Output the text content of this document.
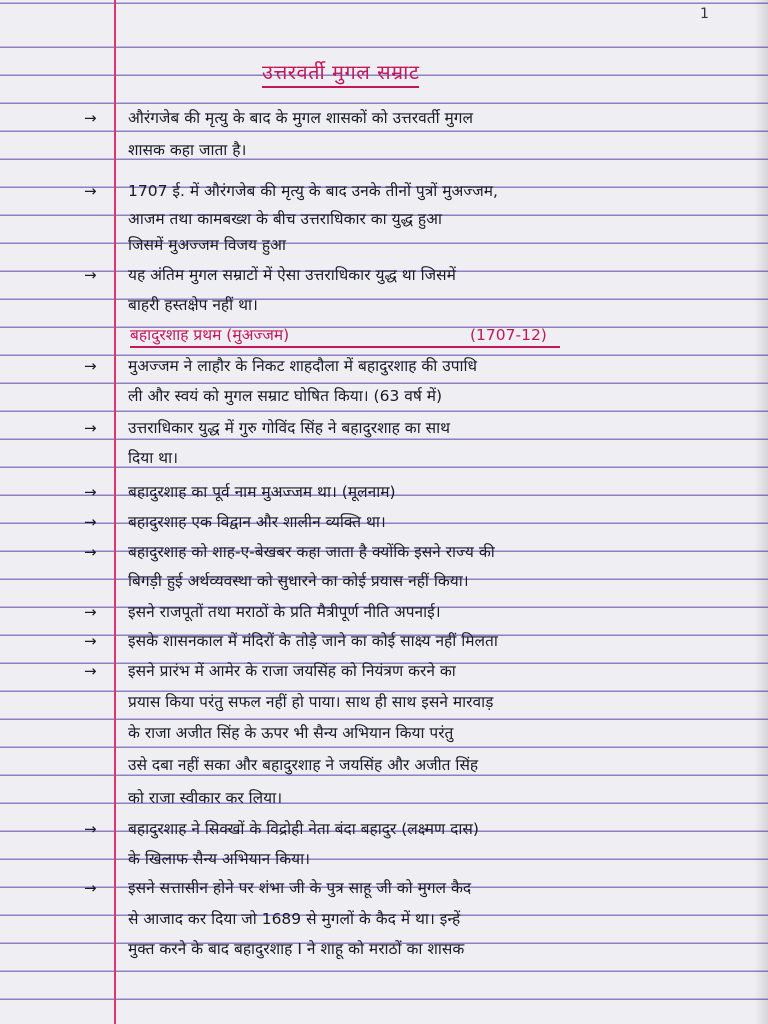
1
उत्तरवर्ती मुगल सम्राट
बहादुरशाह प्रथम (मुअज्जम)	(1707-12)
→
→
→
→
→
→
→
→
→
→
→
→
→
औरंगजेब की मृत्यु के बाद के मुगल शासकों को उत्तरवर्ती मुगल
शासक कहा जाता है।
1707 ई. में औरंगजेब की मृत्यु के बाद उनके तीनों पुत्रों मुअज्जम,
आजम तथा कामबख्श के बीच उत्तराधिकार का युद्ध हुआ
जिसमें मुअज्जम विजय हुआ
यह अंतिम मुगल सम्राटों में ऐसा उत्तराधिकार युद्ध था जिसमें
बाहरी हस्तक्षेप नहीं था।
मुअज्जम ने लाहौर के निकट शाहदौला में बहादुरशाह की उपाधि
ली और स्वयं को मुगल सम्राट घोषित किया। (63 वर्ष में)
उत्तराधिकार युद्ध में गुरु गोविंद सिंह ने बहादुरशाह का साथ
दिया था।
बहादुरशाह का पूर्व नाम मुअज्जम था। (मूलनाम)
बहादुरशाह एक विद्वान और शालीन व्यक्ति था।
बहादुरशाह को शाह-ए-बेखबर कहा जाता है क्योंकि इसने राज्य की
बिगड़ी हुई अर्थव्यवस्था को सुधारने का कोई प्रयास नहीं किया।
इसने राजपूतों तथा मराठों के प्रति मैत्रीपूर्ण नीति अपनाई।
इसके शासनकाल में मंदिरों के तोड़े जाने का कोई साक्ष्य नहीं मिलता
इसने प्रारंभ में आमेर के राजा जयसिंह को नियंत्रण करने का
प्रयास किया परंतु सफल नहीं हो पाया। साथ ही साथ इसने मारवाड़
के राजा अजीत सिंह के ऊपर भी सैन्य अभियान किया परंतु
उसे दबा नहीं सका और बहादुरशाह ने जयसिंह और अजीत सिंह
को राजा स्वीकार कर लिया।
बहादुरशाह ने सिक्खों के विद्रोही नेता बंदा बहादुर (लक्ष्मण दास)
के खिलाफ सैन्य अभियान किया।
इसने सत्तासीन होने पर शंभा जी के पुत्र साहू जी को मुगल कैद
से आजाद कर दिया जो 1689 से मुगलों के कैद में था। इन्हें
मुक्त करने के बाद बहादुरशाह I ने शाहू को मराठों का शासक
